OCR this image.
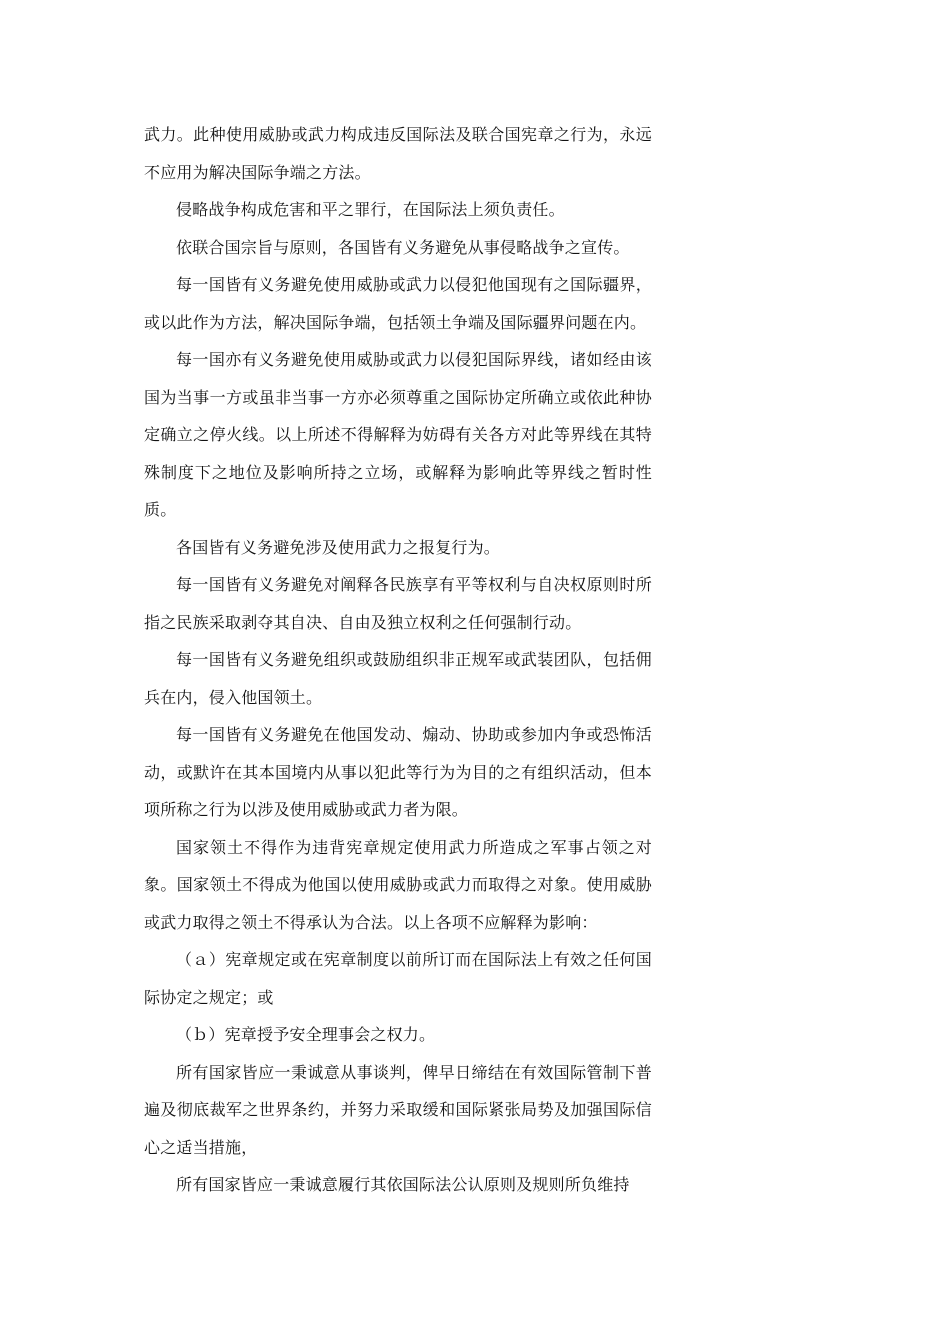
武力。此种使用威胁或武力构成违反国际法及联合国宪章之行为，永远不应用为解决国际争端之方法。

侵略战争构成危害和平之罪行，在国际法上须负责任。

依联合国宗旨与原则，各国皆有义务避免从事侵略战争之宣传。

每一国皆有义务避免使用威胁或武力以侵犯他国现有之国际疆界，或以此作为方法，解决国际争端，包括领土争端及国际疆界问题在内。

每一国亦有义务避免使用威胁或武力以侵犯国际界线，诸如经由该国为当事一方或虽非当事一方亦必须尊重之国际协定所确立或依此种协定确立之停火线。以上所述不得解释为妨碍有关各方对此等界线在其特殊制度下之地位及影响所持之立场，或解释为影响此等界线之暂时性质。

各国皆有义务避免涉及使用武力之报复行为。

每一国皆有义务避免对阐释各民族享有平等权利与自决权原则时所指之民族采取剥夺其自决、自由及独立权利之任何强制行动。

每一国皆有义务避免组织或鼓励组织非正规军或武装团队，包括佣兵在内，侵入他国领土。

每一国皆有义务避免在他国发动、煽动、协助或参加内争或恐怖活动，或默许在其本国境内从事以犯此等行为为目的之有组织活动，但本项所称之行为以涉及使用威胁或武力者为限。

国家领土不得作为违背宪章规定使用武力所造成之军事占领之对象。国家领土不得成为他国以使用威胁或武力而取得之对象。使用威胁或武力取得之领土不得承认为合法。以上各项不应解释为影响：

（ａ）宪章规定或在宪章制度以前所订而在国际法上有效之任何国际协定之规定；或

（ｂ）宪章授予安全理事会之权力。

所有国家皆应一秉诚意从事谈判，俾早日缔结在有效国际管制下普遍及彻底裁军之世界条约，并努力采取缓和国际紧张局势及加强国际信心之适当措施，

所有国家皆应一秉诚意履行其依国际法公认原则及规则所负维持
